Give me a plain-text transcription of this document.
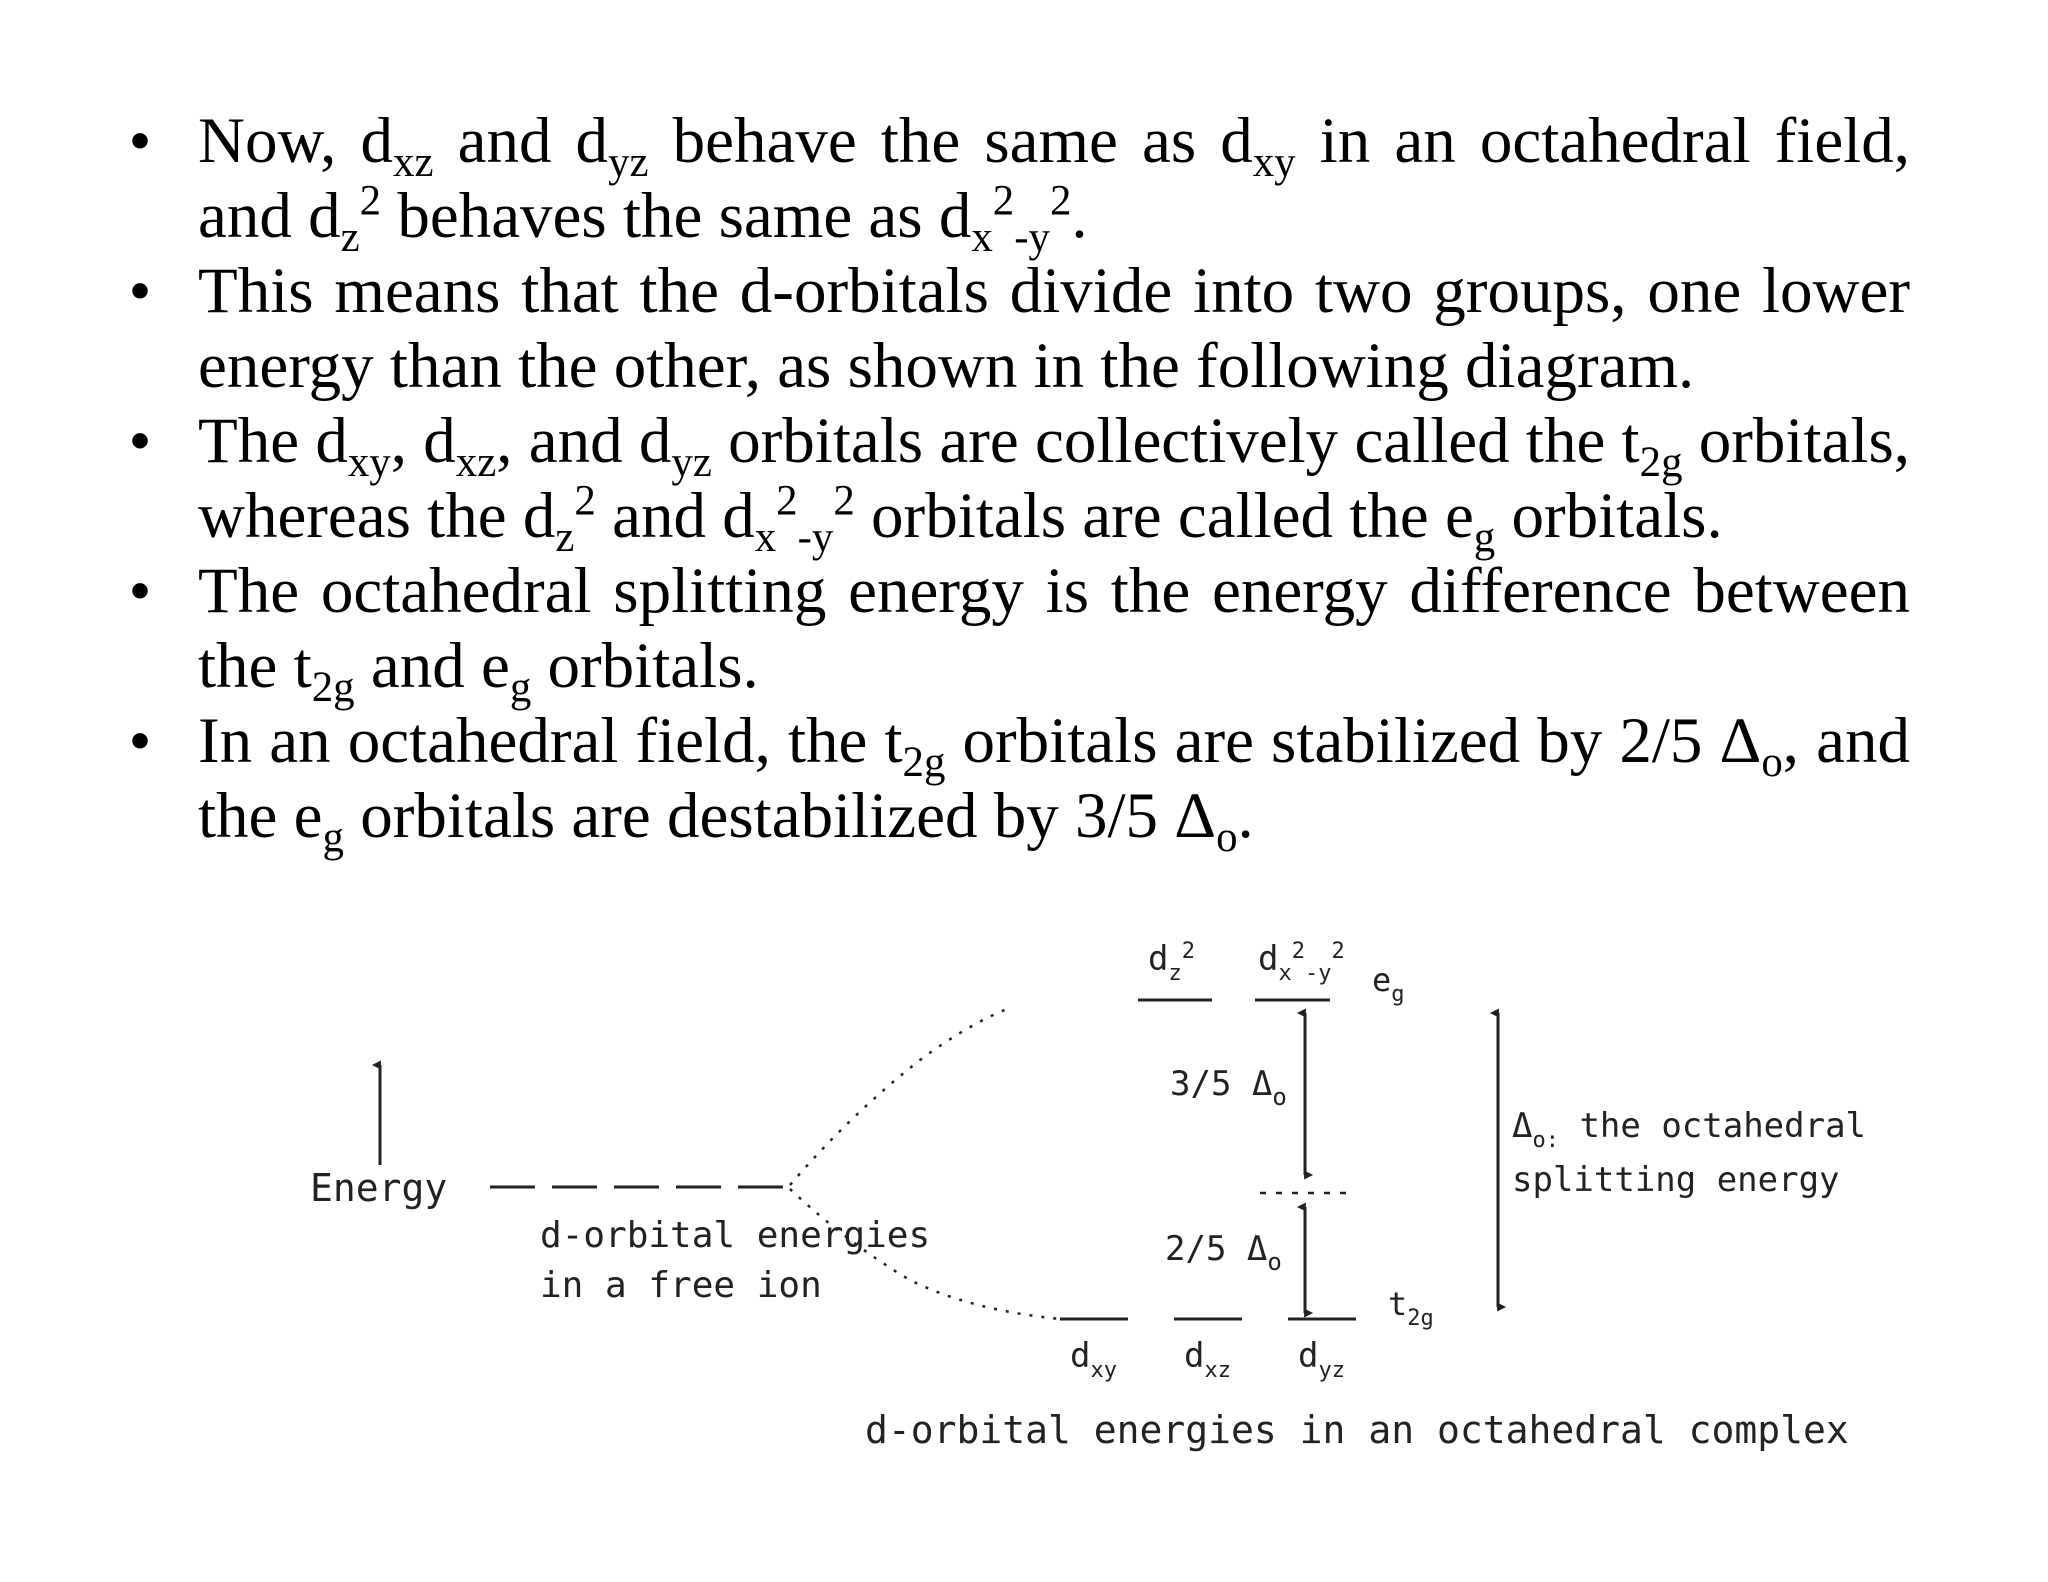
• Now, $d_{xz}$ and $d_{yz}$ behave the same as $d_{xy}$ in an octahedral field, and $d_z^2$ behaves the same as $d_x^2_{-y}^2$.
• This means that the d-orbitals divide into two groups, one lower energy than the other, as shown in the following diagram.
• The $d_{xy}$, $d_{xz}$, and $d_{yz}$ orbitals are collectively called the $t_{2g}$ orbitals, whereas the $d_z^2$ and $d_x^2_{-y}^2$ orbitals are called the $e_g$ orbitals.
• The octahedral splitting energy is the energy difference between the $t_{2g}$ and $e_g$ orbitals.
• In an octahedral field, the $t_{2g}$ orbitals are stabilized by 2/5 $\Delta_o$, and the $e_g$ orbitals are destabilized by 3/5 $\Delta_o$.
Energy
d-orbital energies
in a free ion
$d_z^2$ $d_x^2_{-y}^2$
$e_g$
3/5 $\Delta_o$
2/5 $\Delta_o$
$t_{2g}$
$d_{xy}$ $d_{xz}$ $d_{yz}$
$\Delta_{o:}$ the octahedral
splitting energy
d-orbital energies in an octahedral complex
